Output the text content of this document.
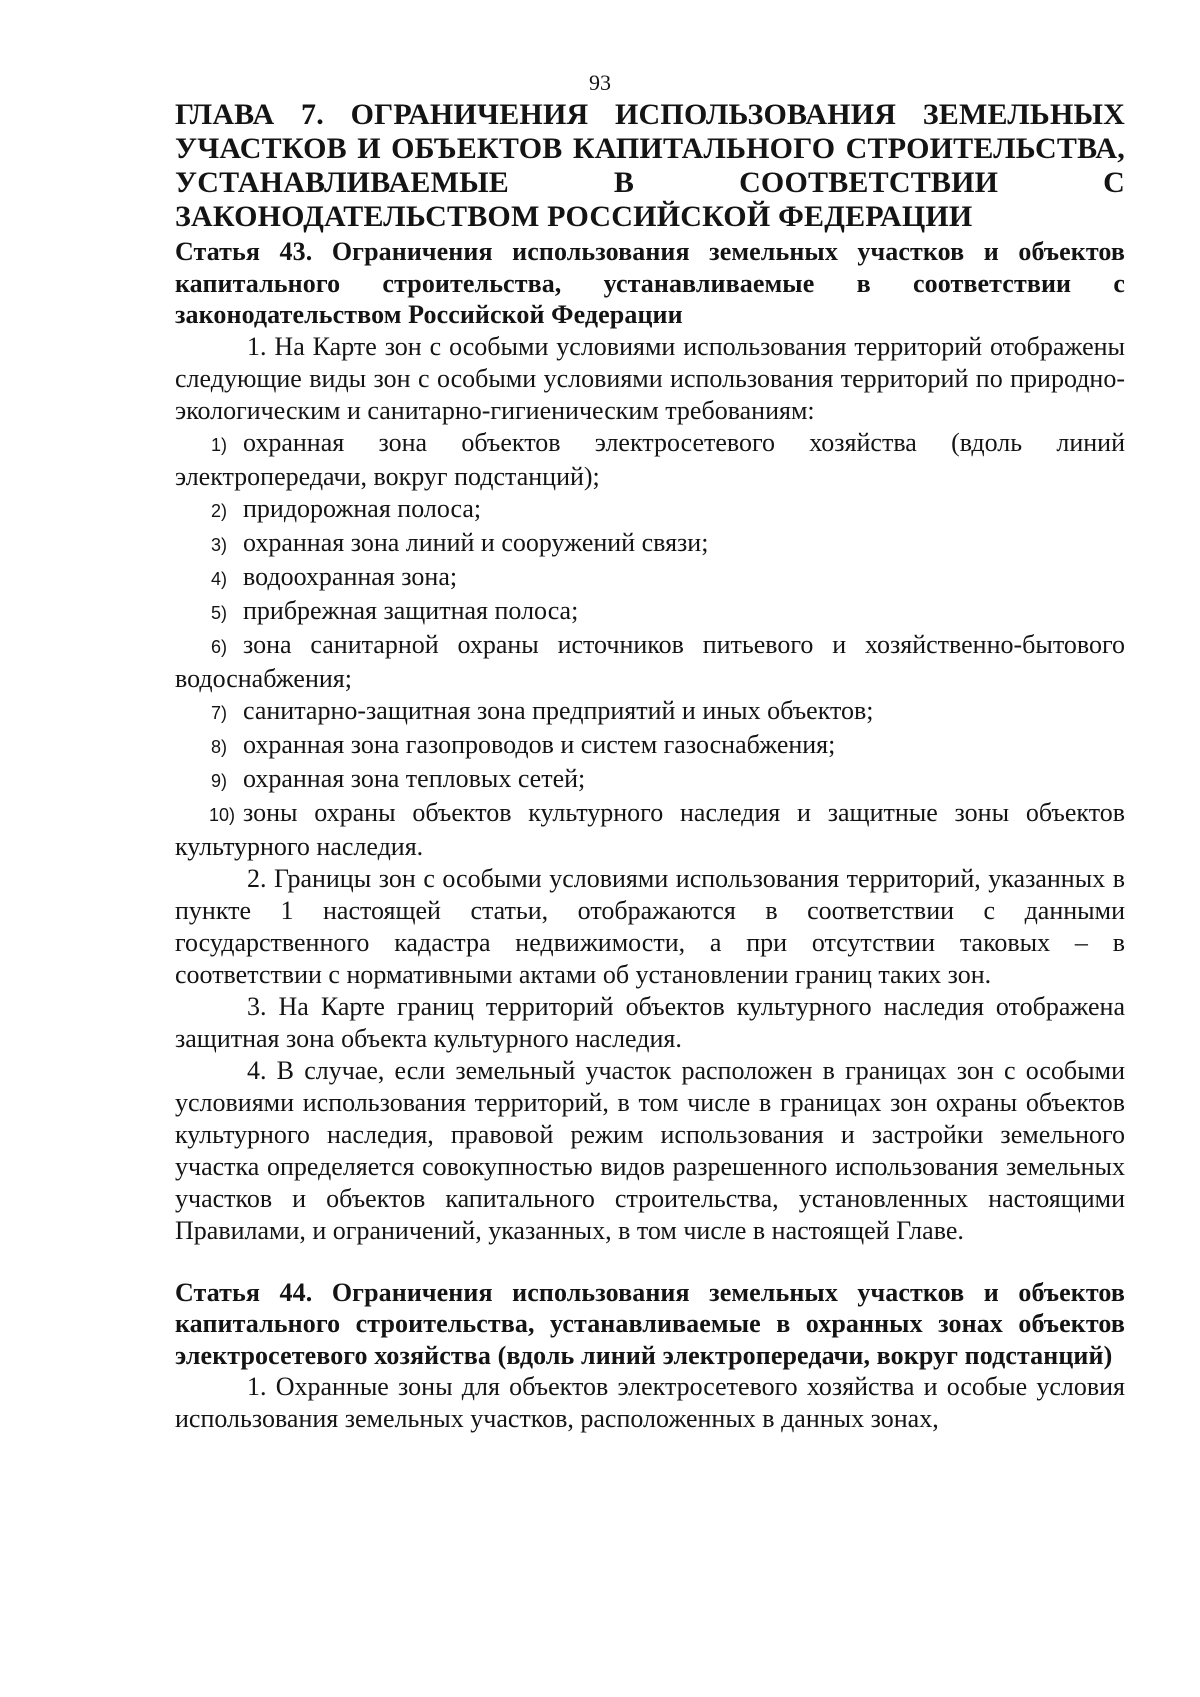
93
ГЛАВА 7. ОГРАНИЧЕНИЯ ИСПОЛЬЗОВАНИЯ ЗЕМЕЛЬНЫХ УЧАСТКОВ И ОБЪЕКТОВ КАПИТАЛЬНОГО СТРОИТЕЛЬСТВА, УСТАНАВЛИВАЕМЫЕ В СООТВЕТСТВИИ С ЗАКОНОДАТЕЛЬСТВОМ РОССИЙСКОЙ ФЕДЕРАЦИИ
Статья 43. Ограничения использования земельных участков и объектов капитального строительства, устанавливаемые в соответствии с законодательством Российской Федерации

1. На Карте зон с особыми условиями использования территорий отображены следующие виды зон с особыми условиями использования территорий по природно-экологическим и санитарно-гигиеническим требованиям:

1) охранная зона объектов электросетевого хозяйства (вдоль линий электропередачи, вокруг подстанций);

2) придорожная полоса;

3) охранная зона линий и сооружений связи;

4) водоохранная зона;

5) прибрежная защитная полоса;

6) зона санитарной охраны источников питьевого и хозяйственно-бытового водоснабжения;

7) санитарно-защитная зона предприятий и иных объектов;

8) охранная зона газопроводов и систем газоснабжения;

9) охранная зона тепловых сетей;

10) зоны охраны объектов культурного наследия и защитные зоны объектов культурного наследия.

2. Границы зон с особыми условиями использования территорий, указанных в пункте 1 настоящей статьи, отображаются в соответствии с данными государственного кадастра недвижимости, а при отсутствии таковых – в соответствии с нормативными актами об установлении границ таких зон.

3. На Карте границ территорий объектов культурного наследия отображена защитная зона объекта культурного наследия.

4. В случае, если земельный участок расположен в границах зон с особыми условиями использования территорий, в том числе в границах зон охраны объектов культурного наследия, правовой режим использования и застройки земельного участка определяется совокупностью видов разрешенного использования земельных участков и объектов капитального строительства, установленных настоящими Правилами, и ограничений, указанных, в том числе в настоящей Главе.

Статья 44. Ограничения использования земельных участков и объектов капитального строительства, устанавливаемые в охранных зонах объектов электросетевого хозяйства (вдоль линий электропередачи, вокруг подстанций)

1. Охранные зоны для объектов электросетевого хозяйства и особые условия использования земельных участков, расположенных в данных зонах,
